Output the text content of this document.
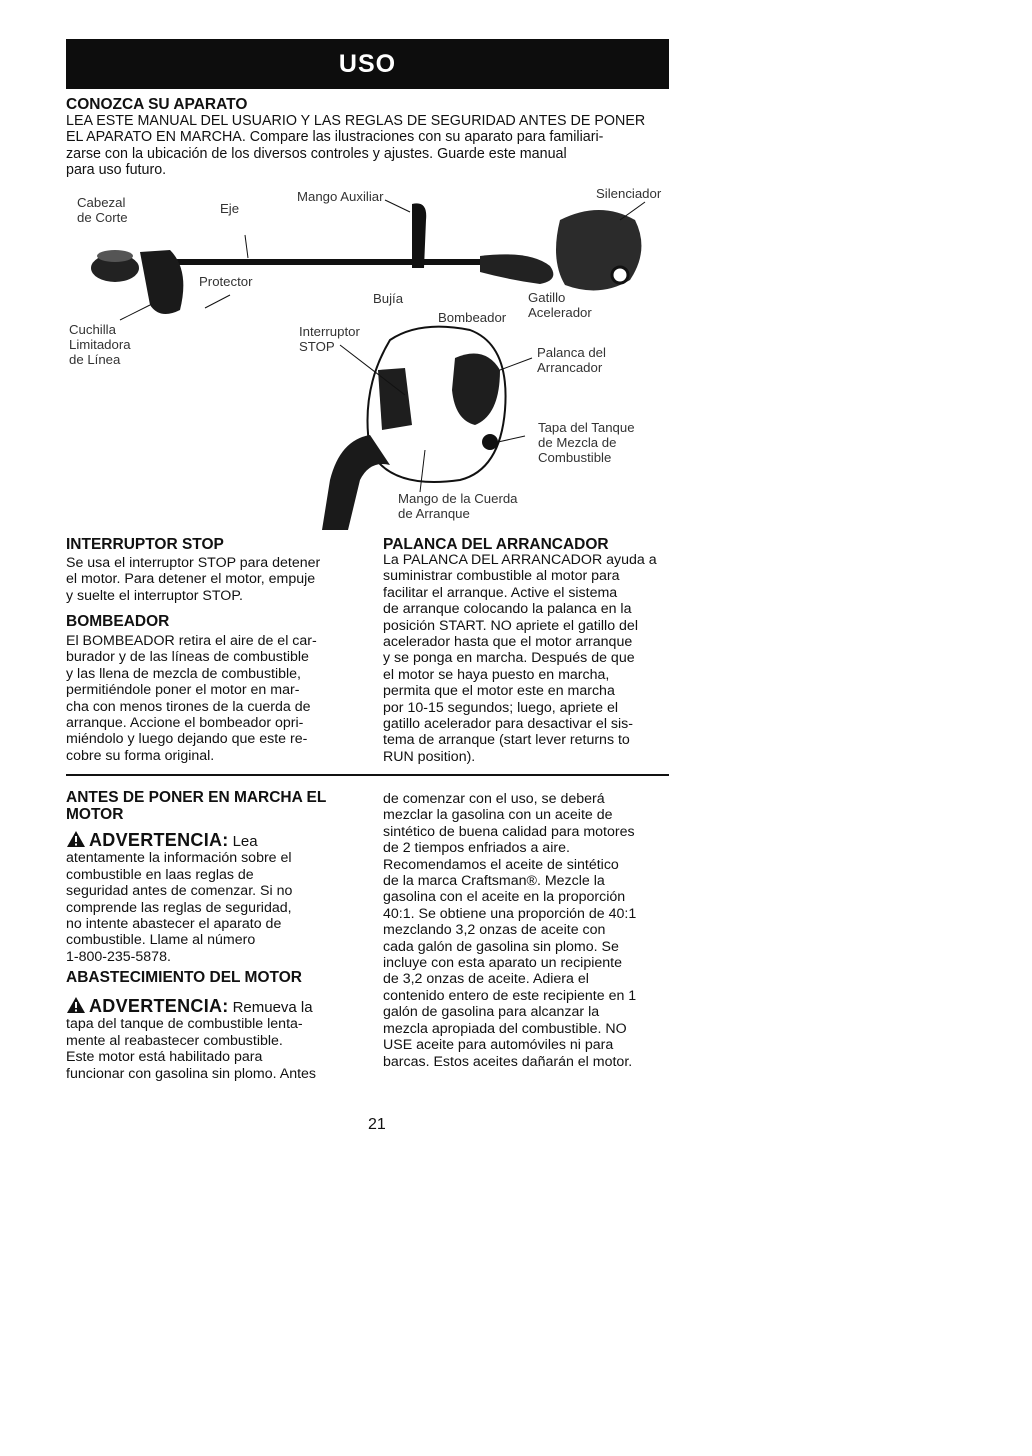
USO
CONOZCA SU APARATO

LEA ESTE MANUAL DEL USUARIO Y LAS REGLAS DE SEGURIDAD ANTES DE PONER
EL APARATO EN MARCHA. Compare las ilustraciones con su aparato para familiari-
zarse con la ubicación de los diversos controles y ajustes. Guarde este manual
para uso futuro.

Cabezal
de Corte
Eje
Mango Auxiliar	Silenciador
Protector
Bujía	Gatillo
Acelerador
Bombeador
Cuchilla
Limitadora
de Línea
Interruptor
STOP	Palanca del
Arrancador
Tapa del Tanque
de Mezcla de
Combustible
Mango de la Cuerda
de Arranque
INTERRUPTOR STOP

Se usa el interruptor STOP para detener
el motor. Para detener el motor, empuje
y suelte el interruptor STOP.

BOMBEADOR

El BOMBEADOR retira el aire de el car-
burador y de las líneas de combustible
y las llena de mezcla de combustible,
permitiéndole poner el motor en mar-
cha con menos tirones de la cuerda de
arranque. Accione el bombeador opri-
miéndolo y luego dejando que este re-
cobre su forma original.

PALANCA DEL ARRANCADOR

La PALANCA DEL ARRANCADOR ayuda a
suministrar combustible al motor para
facilitar el arranque. Active el sistema
de arranque colocando la palanca en la
posición START. NO apriete el gatillo del
acelerador hasta que el motor arranque
y se ponga en marcha. Después de que
el motor se haya puesto en marcha,
permita que el motor este en marcha
por 10-15 segundos; luego, apriete el
gatillo acelerador para desactivar el sis-
tema de arranque (start lever returns to
RUN position).

ANTES DE PONER EN MARCHA EL
MOTOR
ADVERTENCIA: Lea
atentamente la información sobre el
combustible en laas reglas de
seguridad antes de comenzar. Si no
comprende las reglas de seguridad,
no intente abastecer el aparato de
combustible. Llame al número
1-800-235-5878.
ABASTECIMIENTO DEL MOTOR
ADVERTENCIA: Remueva la
tapa del tanque de combustible lenta-
mente al reabastecer combustible.
Este motor está habilitado para
funcionar con gasolina sin plomo. Antes

de comenzar con el uso, se deberá
mezclar la gasolina con un aceite de
sintético de buena calidad para motores
de 2 tiempos enfriados a aire.
Recomendamos el aceite de sintético
de la marca Craftsman®. Mezcle la
gasolina con el aceite en la proporción
40:1. Se obtiene una proporción de 40:1
mezclando 3,2 onzas de aceite con
cada galón de gasolina sin plomo. Se
incluye con esta aparato un recipiente
de 3,2 onzas de aceite. Adiera el
contenido entero de este recipiente en 1
galón de gasolina para alcanzar la
mezcla apropiada del combustible. NO
USE aceite para automóviles ni para
barcas. Estos aceites dañarán el motor.

21
